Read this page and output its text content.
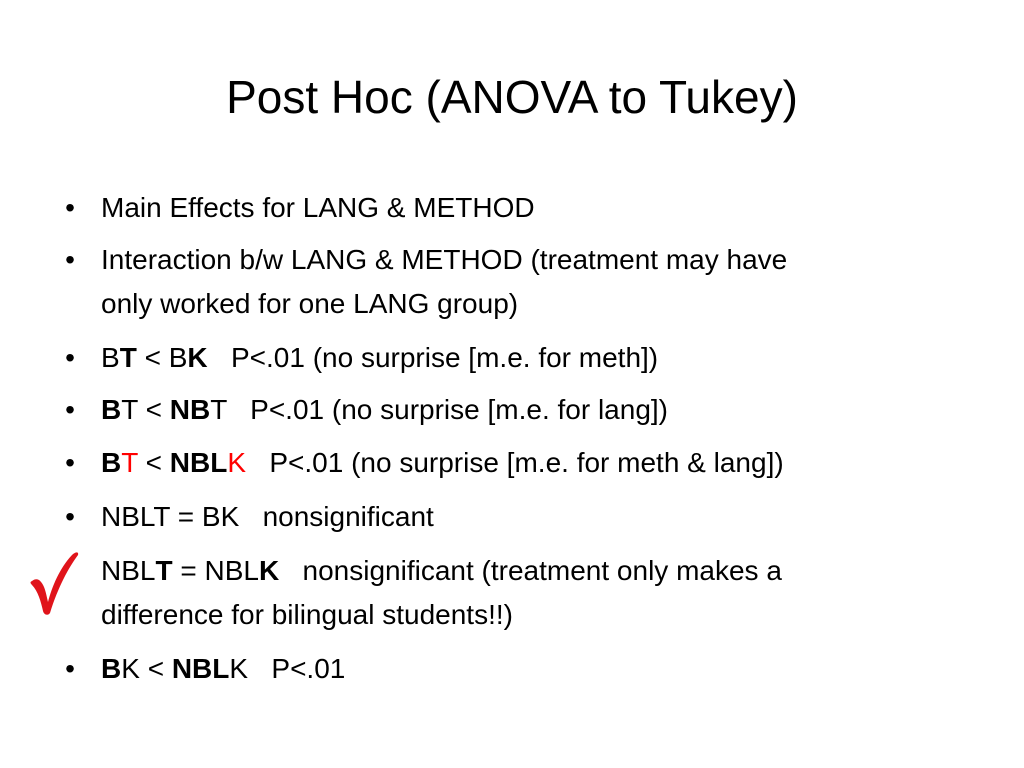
Post Hoc (ANOVA to Tukey)
• Main Effects for LANG & METHOD
• Interaction b/w LANG & METHOD (treatment may have
only worked for one LANG group)
• BT < BK   P<.01 (no surprise [m.e. for meth])
• BT < NBT   P<.01 (no surprise [m.e. for lang])
• BT < NBLK   P<.01 (no surprise [m.e. for meth & lang])
• NBLT = BK   nonsignificant
NBLT = NBLK   nonsignificant (treatment only makes a
difference for bilingual students!!)
• BK < NBLK   P<.01
